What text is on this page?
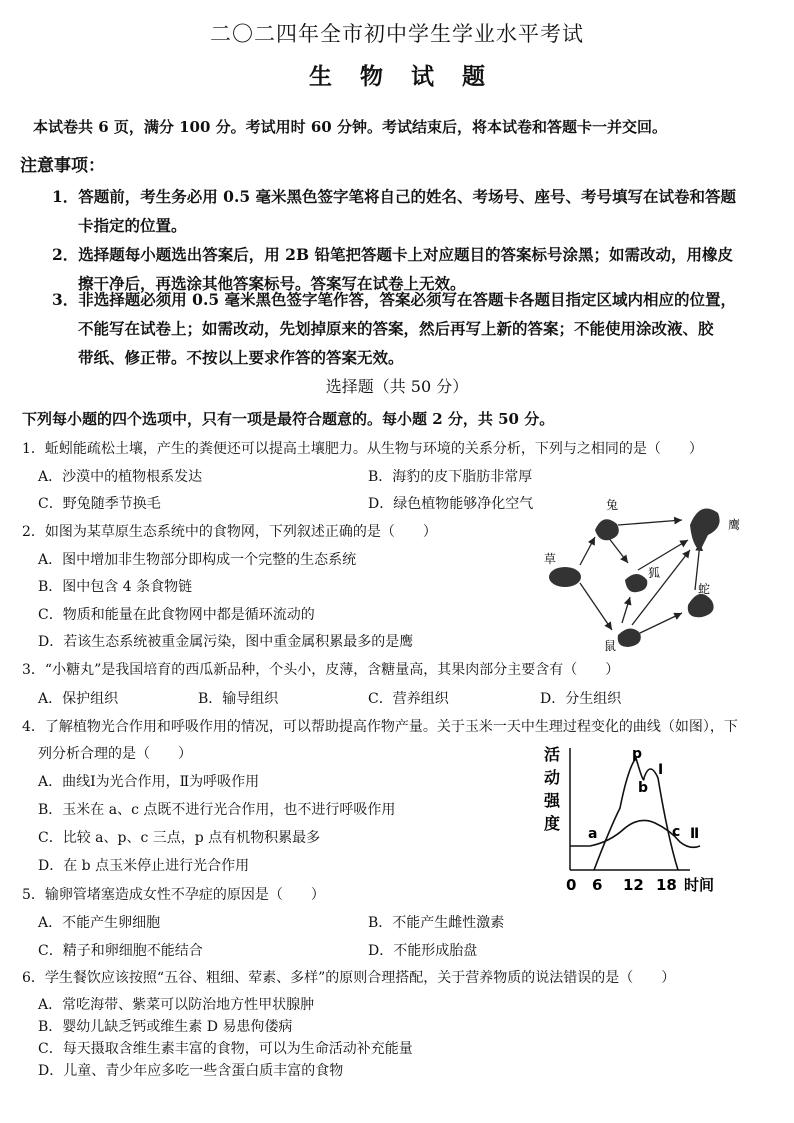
二〇二四年全市初中学生学业水平考试
生物试题
本试卷共 6 页，满分 100 分。考试用时 60 分钟。考试结束后，将本试卷和答题卡一并交回。
注意事项：
1．答题前，考生务必用 0.5 毫米黑色签字笔将自己的姓名、考场号、座号、考号填写在试卷和答题
卡指定的位置。
2．选择题每小题选出答案后，用 2B 铅笔把答题卡上对应题目的答案标号涂黑；如需改动，用橡皮
擦干净后，再选涂其他答案标号。答案写在试卷上无效。
3．非选择题必须用 0.5 毫米黑色签字笔作答，答案必须写在答题卡各题目指定区域内相应的位置，
不能写在试卷上；如需改动，先划掉原来的答案，然后再写上新的答案；不能使用涂改液、胶
带纸、修正带。不按以上要求作答的答案无效。
选择题（共 50 分）
下列每小题的四个选项中，只有一项是最符合题意的。每小题 2 分，共 50 分。
1．蚯蚓能疏松土壤，产生的粪便还可以提高土壤肥力。从生物与环境的关系分析，下列与之相同的是（　　）
A．沙漠中的植物根系发达	B．海豹的皮下脂肪非常厚
C．野兔随季节换毛	D．绿色植物能够净化空气
2．如图为某草原生态系统中的食物网，下列叙述正确的是（　　）
A．图中增加非生物部分即构成一个完整的生态系统
B．图中包含 4 条食物链
C．物质和能量在此食物网中都是循环流动的
D．若该生态系统被重金属污染，图中重金属积累最多的是鹰
兔
草
鹰
狐
蛇
鼠
3．“小糖丸”是我国培育的西瓜新品种，个头小，皮薄，含糖量高，其果肉部分主要含有（　　）
A．保护组织	B．输导组织	C．营养组织	D．分生组织
4．了解植物光合作用和呼吸作用的情况，可以帮助提高作物产量。关于玉米一天中生理过程变化的曲线（如图），下
列分析合理的是（　　）
A．曲线Ⅰ为光合作用，Ⅱ为呼吸作用
B．玉米在 a、c 点既不进行光合作用，也不进行呼吸作用
C．比较 a、p、c 三点，p 点有机物积累最多
D．在 b 点玉米停止进行光合作用
活
动
强
度
a
p
b
c
Ⅰ
Ⅱ
0 6 12 18 时间
5．输卵管堵塞造成女性不孕症的原因是（　　）
A．不能产生卵细胞	B．不能产生雌性激素
C．精子和卵细胞不能结合	D．不能形成胎盘
6．学生餐饮应该按照“五谷、粗细、荤素、多样”的原则合理搭配，关于营养物质的说法错误的是（　　）
A．常吃海带、紫菜可以防治地方性甲状腺肿
B．婴幼儿缺乏钙或维生素 D 易患佝偻病
C．每天摄取含维生素丰富的食物，可以为生命活动补充能量
D．儿童、青少年应多吃一些含蛋白质丰富的食物
